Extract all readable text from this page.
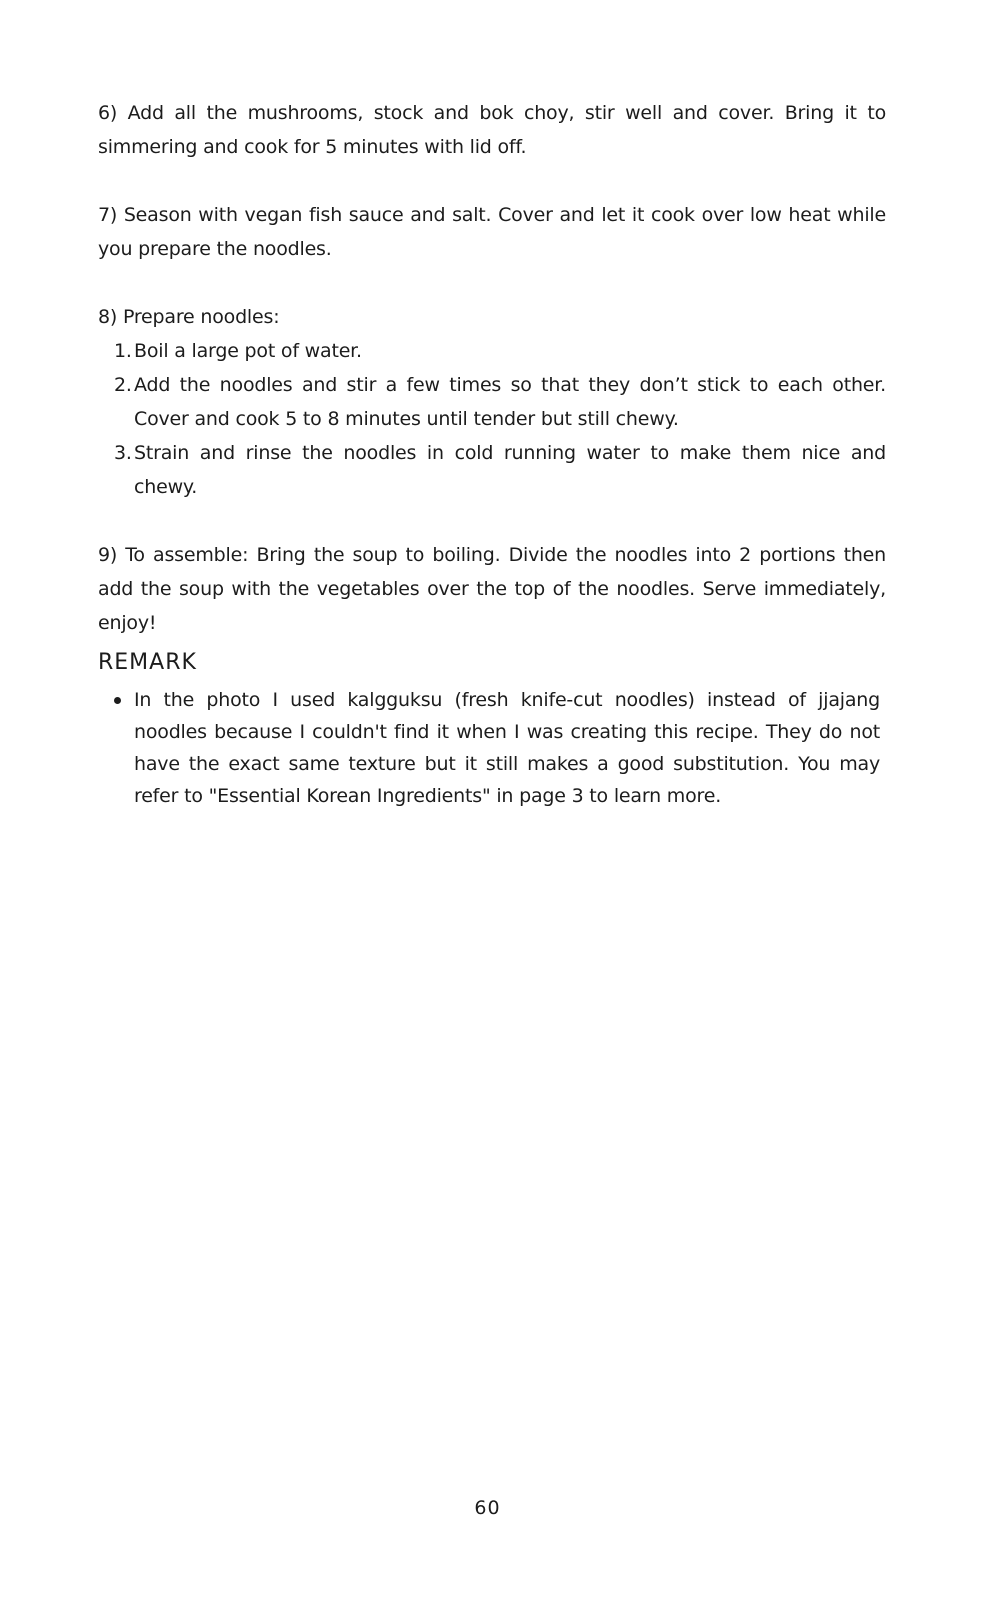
6) Add all the mushrooms, stock and bok choy, stir well and cover. Bring it to simmering and cook for 5 minutes with lid off.

7) Season with vegan fish sauce and salt. Cover and let it cook over low heat while you prepare the noodles.

8) Prepare noodles:

1. Boil a large pot of water.
2. Add the noodles and stir a few times so that they don’t stick to each other. Cover and cook 5 to 8 minutes until tender but still chewy.
3. Strain and rinse the noodles in cold running water to make them nice and chewy.

9) To assemble: Bring the soup to boiling. Divide the noodles into 2 portions then add the soup with the vegetables over the top of the noodles. Serve immediately, enjoy!

REMARK
In the photo I used kalgguksu (fresh knife-cut noodles) instead of jjajang noodles because I couldn't find it when I was creating this recipe. They do not have the exact same texture but it still makes a good substitution. You may refer to "Essential Korean Ingredients" in page 3 to learn more.
60
